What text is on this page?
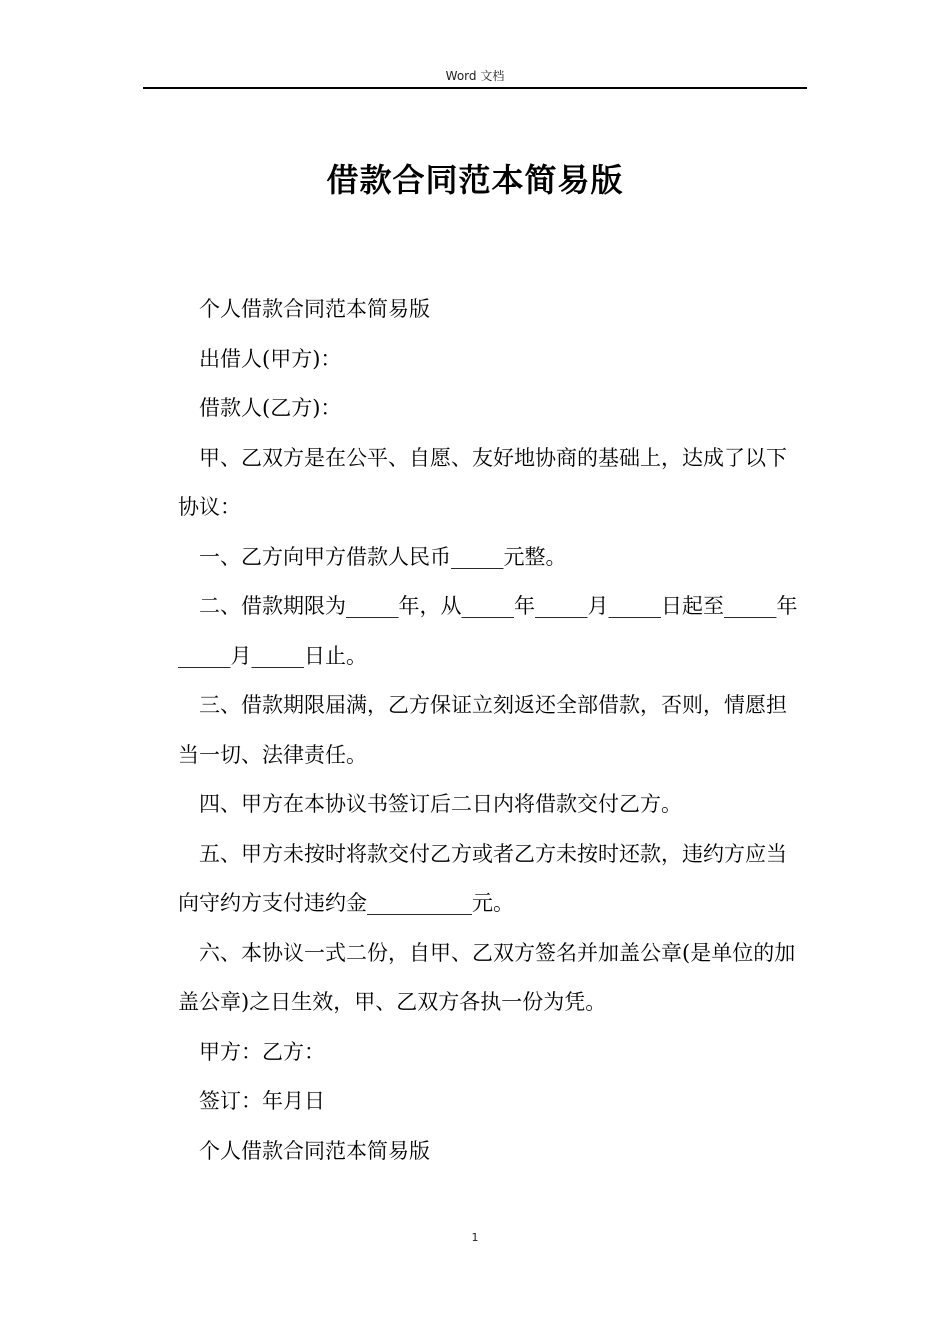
Word 文档
借款合同范本简易版

个人借款合同范本简易版

出借人(甲方)：

借款人(乙方)：

甲、乙双方是在公平、自愿、友好地协商的基础上，达成了以下协议：

一、乙方向甲方借款人民币_____元整。

二、借款期限为_____年，从_____年_____月_____日起至_____年_____月_____日止。

三、借款期限届满，乙方保证立刻返还全部借款，否则，情愿担当一切、法律责任。

四、甲方在本协议书签订后二日内将借款交付乙方。

五、甲方未按时将款交付乙方或者乙方未按时还款，违约方应当向守约方支付违约金__________元。

六、本协议一式二份，自甲、乙双方签名并加盖公章(是单位的加盖公章)之日生效，甲、乙双方各执一份为凭。

甲方：乙方：

签订：年月日

个人借款合同范本简易版

1
